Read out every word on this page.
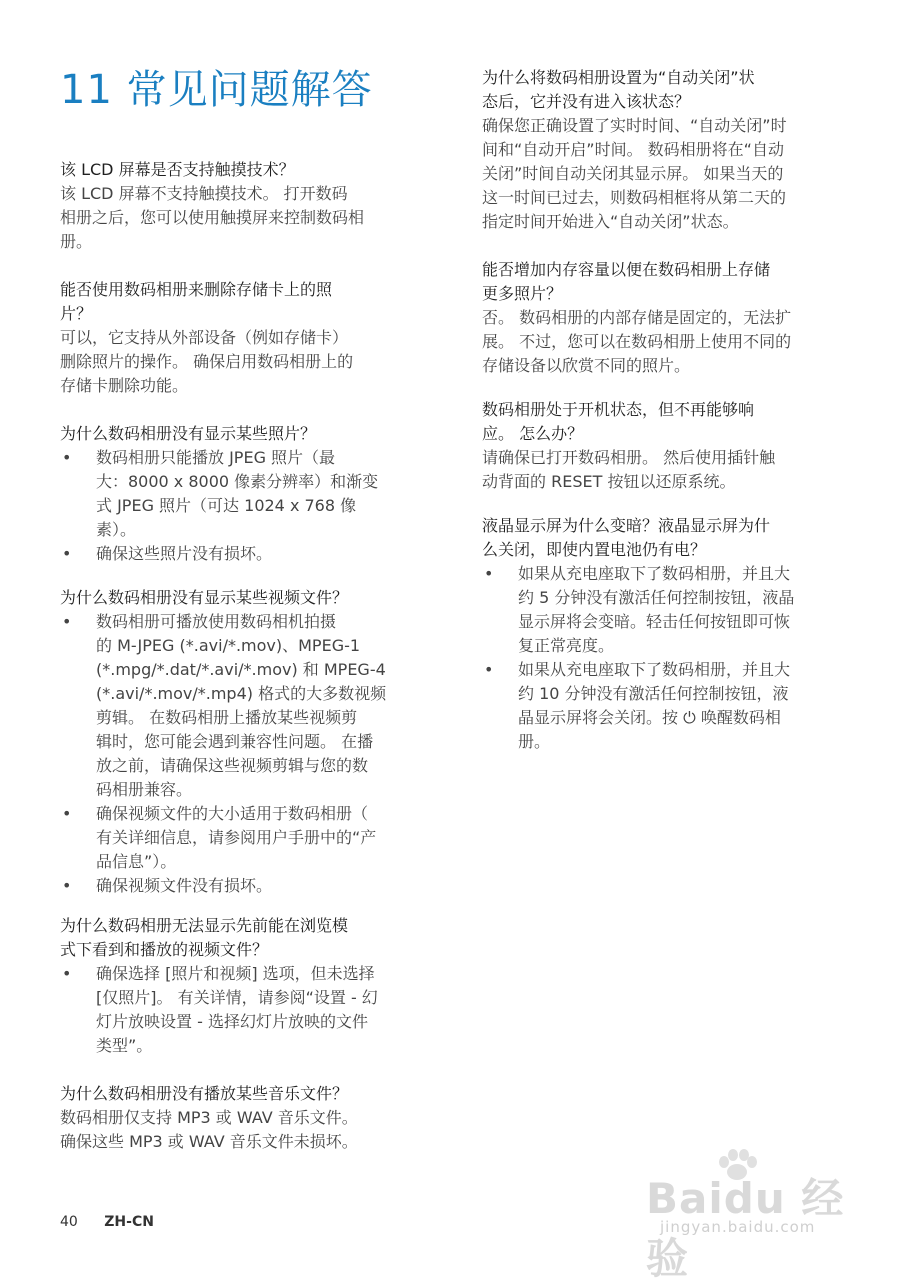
11 常见问题解答
该 LCD 屏幕是否支持触摸技术？
该 LCD 屏幕不支持触摸技术。 打开数码
相册之后，您可以使用触摸屏来控制数码相
册。
能否使用数码相册来删除存储卡上的照
片？
可以，它支持从外部设备（例如存储卡）
删除照片的操作。 确保启用数码相册上的
存储卡删除功能。
为什么数码相册没有显示某些照片？
• 数码相册只能播放 JPEG 照片（最
大：8000 x 8000 像素分辨率）和渐变
式 JPEG 照片（可达 1024 x 768 像
素）。
• 确保这些照片没有损坏。
为什么数码相册没有显示某些视频文件？
• 数码相册可播放使用数码相机拍摄
的 M-JPEG (*.avi/*.mov)、MPEG-1
(*.mpg/*.dat/*.avi/*.mov) 和 MPEG-4
(*.avi/*.mov/*.mp4) 格式的大多数视频
剪辑。 在数码相册上播放某些视频剪
辑时，您可能会遇到兼容性问题。 在播
放之前，请确保这些视频剪辑与您的数
码相册兼容。
• 确保视频文件的大小适用于数码相册（
有关详细信息，请参阅用户手册中的“产
品信息”）。
• 确保视频文件没有损坏。
为什么数码相册无法显示先前能在浏览模
式下看到和播放的视频文件？
• 确保选择 [照片和视频] 选项，但未选择
[仅照片]。 有关详情，请参阅“设置 - 幻
灯片放映设置 - 选择幻灯片放映的文件
类型”。
为什么数码相册没有播放某些音乐文件？
数码相册仅支持 MP3 或 WAV 音乐文件。
确保这些 MP3 或 WAV 音乐文件未损坏。
为什么将数码相册设置为“自动关闭”状
态后，它并没有进入该状态？
确保您正确设置了实时时间、“自动关闭”时
间和“自动开启”时间。 数码相册将在“自动
关闭”时间自动关闭其显示屏。 如果当天的
这一时间已过去，则数码相框将从第二天的
指定时间开始进入“自动关闭”状态。
能否增加内存容量以便在数码相册上存储
更多照片？
否。 数码相册的内部存储是固定的，无法扩
展。 不过，您可以在数码相册上使用不同的
存储设备以欣赏不同的照片。
数码相册处于开机状态，但不再能够响
应。 怎么办？
请确保已打开数码相册。 然后使用插针触
动背面的 RESET 按钮以还原系统。
液晶显示屏为什么变暗？液晶显示屏为什
么关闭，即使内置电池仍有电？
• 如果从充电座取下了数码相册，并且大
约 5 分钟没有激活任何控制按钮，液晶
显示屏将会变暗。轻击任何按钮即可恢
复正常亮度。
• 如果从充电座取下了数码相册，并且大
约 10 分钟没有激活任何控制按钮，液
晶显示屏将会关闭。按 ⏻ 唤醒数码相
册。
40 ZH-CN	Baidu 经验
jingyan.baidu.com
